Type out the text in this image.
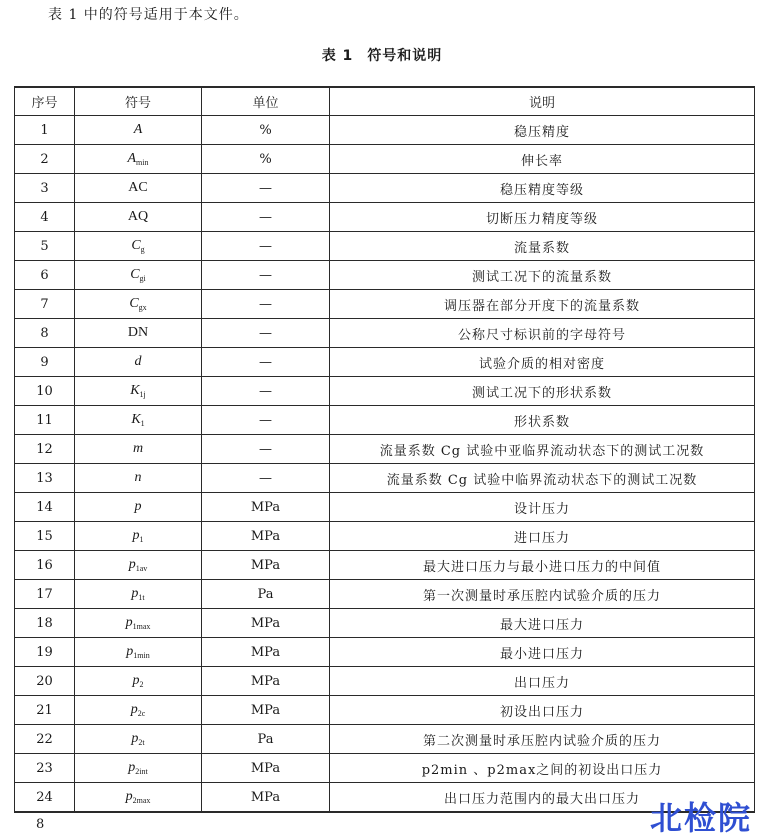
表 1 中的符号适用于本文件。
表 1 符号和说明
序号	符号	单位	说明
1	A	%	稳压精度
2	$A_{min}$	%	伸长率
3	AC	—	稳压精度等级
4	AQ	—	切断压力精度等级
5	$C_g$	—	流量系数
6	$C_{gi}$	—	测试工况下的流量系数
7	$C_{gx}$	—	调压器在部分开度下的流量系数
8	DN	—	公称尺寸标识前的字母符号
9	d	—	试验介质的相对密度
10	$K_{1j}$	—	测试工况下的形状系数
11	$K_1$	—	形状系数
12	m	—	流量系数 Cg 试验中亚临界流动状态下的测试工况数
13	n	—	流量系数 Cg 试验中临界流动状态下的测试工况数
14	p	MPa	设计压力
15	$p_1$	MPa	进口压力
16	$p_{1av}$	MPa	最大进口压力与最小进口压力的中间值
17	$p_{1t}$	Pa	第一次测量时承压腔内试验介质的压力
18	$p_{1max}$	MPa	最大进口压力
19	$p_{1min}$	MPa	最小进口压力
20	$p_2$	MPa	出口压力
21	$p_{2c}$	MPa	初设出口压力
22	$p_{2t}$	Pa	第二次测量时承压腔内试验介质的压力
23	$p_{2int}$	MPa	p2min 、p2max之间的初设出口压力
24	$p_{2max}$	MPa	出口压力范围内的最大出口压力
8	北检院
